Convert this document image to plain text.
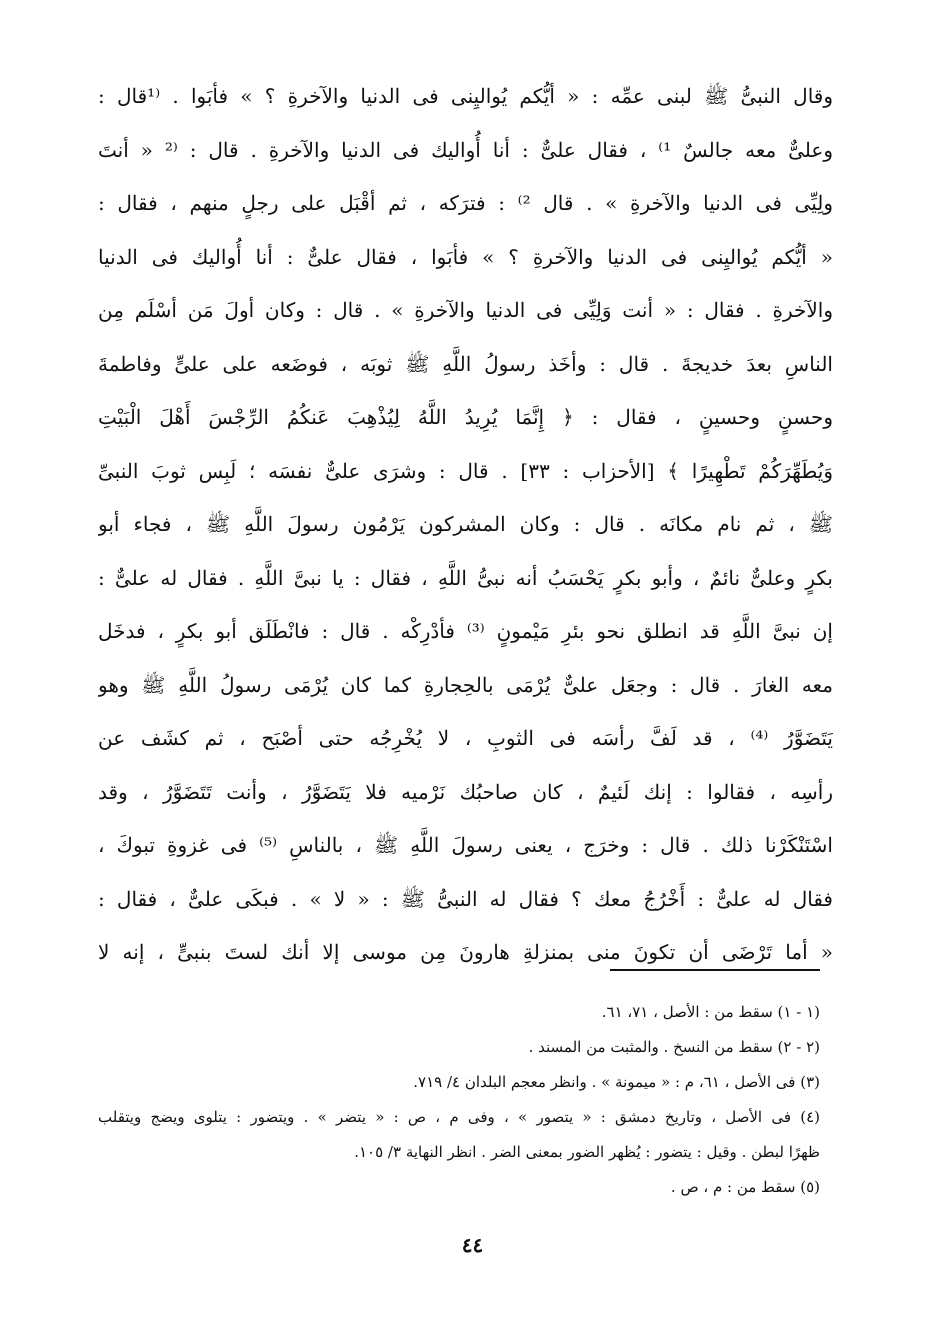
وقال النبىُّ ﷺ لبنى عمِّه : « أيُّكم يُواليِنى فى الدنيا والآخرةِ ؟ » فأبَوا . ⁽¹قال :
وعلىٌّ معه جالسٌ ¹⁾ ، فقال علىٌّ : أنا أُواليك فى الدنيا والآخرةِ . قال : ⁽² « أنتَ
ولِيِّى فى الدنيا والآخرةِ » . قال ²⁾ : فترَكه ، ثم أقْبَل على رجلٍ منهم ، فقال :
« أيُّكم يُواليِنى فى الدنيا والآخرةِ ؟ » فأبَوا ، فقال علىٌّ : أنا أُواليك فى الدنيا
والآخرةِ . فقال : « أنت وَلِيِّى فى الدنيا والآخرةِ » . قال : وكان أولَ مَن أسْلَم مِن
الناسِ بعدَ خديجةَ . قال : وأخَذ رسولُ اللَّهِ ﷺ ثوبَه ، فوضَعه على علىٍّ وفاطمةَ
وحسنٍ وحسينٍ ، فقال : ﴿ إِنَّمَا يُرِيدُ اللَّهُ لِيُذْهِبَ عَنكُمُ الرِّجْسَ أَهْلَ الْبَيْتِ
وَيُطَهِّرَكُمْ تَطْهِيرًا ﴾ [الأحزاب : ٣٣] . قال : وشرَى علىٌّ نفسَه ؛ لَبِس ثوبَ النبىِّ
ﷺ ، ثم نام مكانَه . قال : وكان المشركون يَرْمُون رسولَ اللَّهِ ﷺ ، فجاء أبو
بكرٍ وعلىٌّ نائمٌ ، وأبو بكرٍ يَحْسَبُ أنه نبىُّ اللَّهِ ، فقال : يا نبىَّ اللَّهِ . فقال له علىٌّ :
إن نبىَّ اللَّهِ قد انطلق نحو بئرِ مَيْمونٍ ⁽³⁾ فأدْرِكْه . قال : فانْطَلَق أبو بكرٍ ، فدخَل
معه الغارَ . قال : وجعَل علىٌّ يُرْمَى بالحِجارةِ كما كان يُرْمَى رسولُ اللَّهِ ﷺ وهو
يَتَضَوَّرُ ⁽⁴⁾ ، قد لَفَّ رأسَه فى الثوبِ ، لا يُخْرِجُه حتى أصْبَح ، ثم كشَف عن
رأسِه ، فقالوا : إنك لَئيمٌ ، كان صاحبُك نَرْميه فلا يَتَضَوَّرُ ، وأنت تَتَضَوَّرُ ، وقد
اسْتَنْكَرْنا ذلك . قال : وخرَج ، يعنى رسولَ اللَّهِ ﷺ ، بالناسِ ⁽⁵⁾ فى غزوةِ تبوكَ ،
فقال له علىٌّ : أَخْرُجُ معك ؟ فقال له النبىُّ ﷺ : « لا » . فبكَى علىٌّ ، فقال :
« أما تَرْضَى أن تكونَ منى بمنزلةِ هارونَ مِن موسى إلا أنك لستَ بنبىٍّ ، إنه لا
(١ - ١) سقط من : الأصل ، ٧١، ٦١.
(٢ - ٢) سقط من النسخ . والمثبت من المسند .
(٣) فى الأصل ، ٦١، م : « ميمونة » . وانظر معجم البلدان ٤/ ٧١٩.
(٤) فى الأصل ، وتاريخ دمشق : « يتصور » ، وفى م ، ص : « يتضر » . ويتضور : يتلوى ويضج ويتقلب
ظهرًا لبطن . وقيل : يتضور : يُظهر الضور بمعنى الضر . انظر النهاية ٣/ ١٠٥.
(٥) سقط من : م ، ص .
٤٤
